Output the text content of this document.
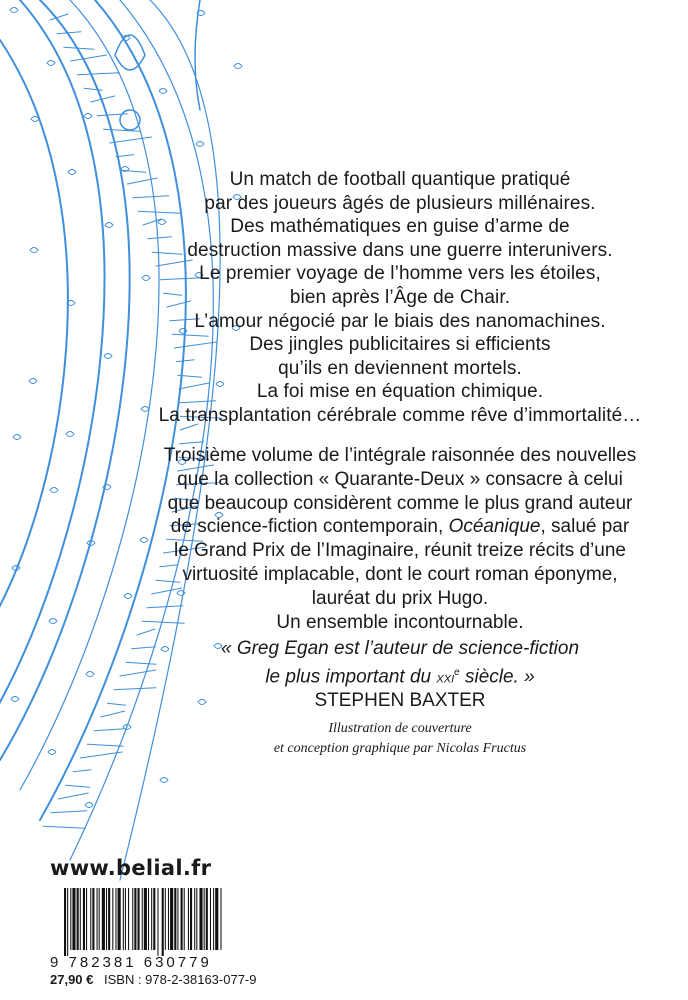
Un match de football quantique pratiqué
par des joueurs âgés de plusieurs millénaires.
Des mathématiques en guise d’arme de
destruction massive dans une guerre interunivers.
Le premier voyage de l’homme vers les étoiles,
bien après l’Âge de Chair.
L’amour négocié par le biais des nanomachines.
Des jingles publicitaires si efficients
qu’ils en deviennent mortels.
La foi mise en équation chimique.
La transplantation cérébrale comme rêve d’immortalité…
Troisième volume de l’intégrale raisonnée des nouvelles
que la collection « Quarante-Deux » consacre à celui
que beaucoup considèrent comme le plus grand auteur
de science-fiction contemporain, Océanique, salué par
le Grand Prix de l’Imaginaire, réunit treize récits d’une
virtuosité implacable, dont le court roman éponyme,
lauréat du prix Hugo.
Un ensemble incontournable.
« Greg Egan est l’auteur de science-fiction
le plus important du xxi$^e$ siècle. »
STEPHEN BAXTER
Illustration de couverture
et conception graphique par Nicolas Fructus
www.belial.fr
9 782381 630779
27,90 € ISBN : 978-2-38163-077-9
